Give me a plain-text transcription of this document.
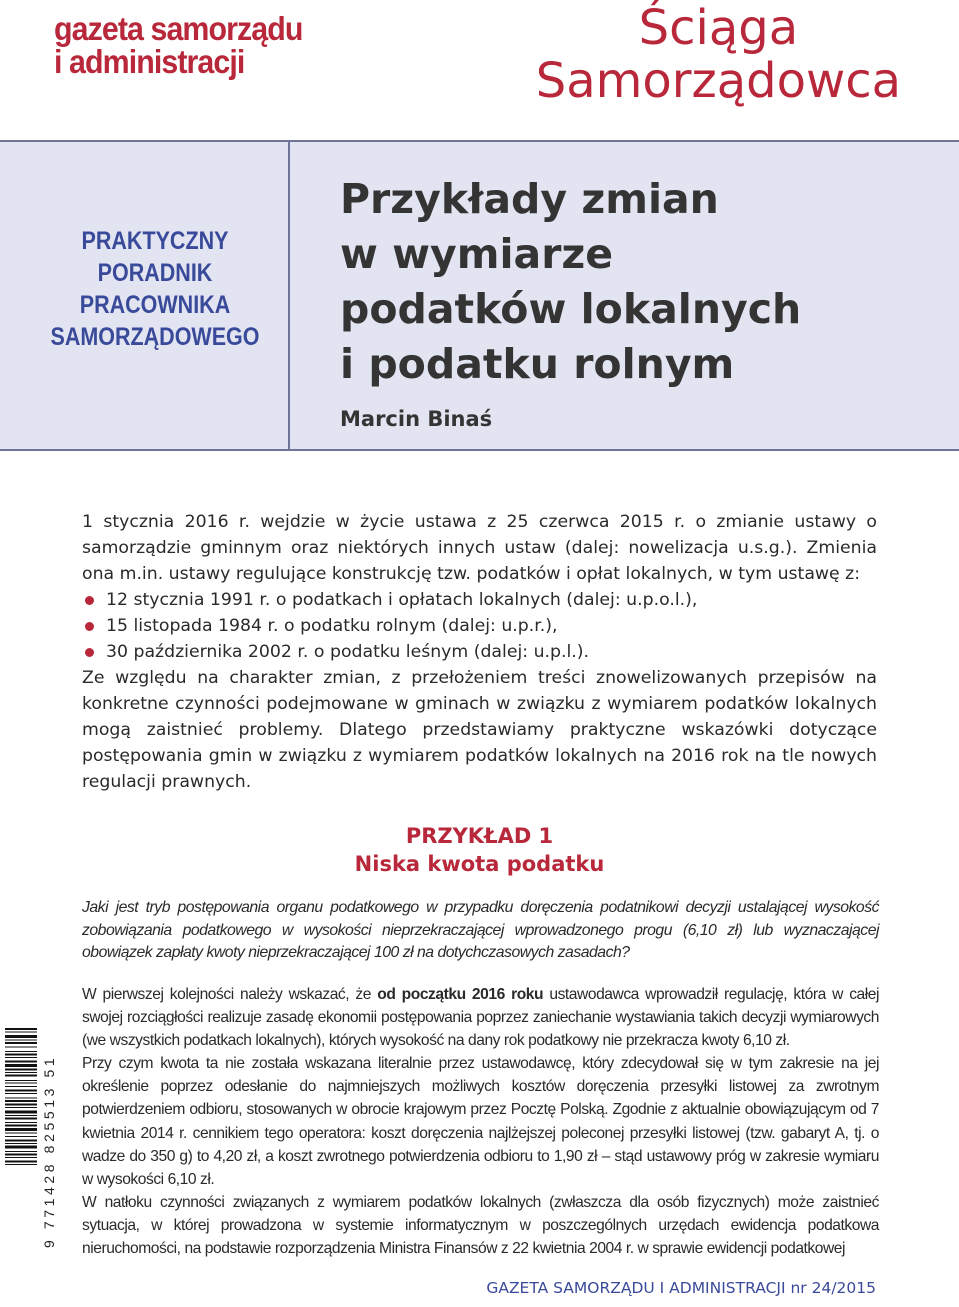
gazeta samorządu
i administracji
Ściąga
Samorządowca
PRAKTYCZNY
PORADNIK
PRACOWNIKA
SAMORZĄDOWEGO
Przykłady zmian
w wymiarze
podatków lokalnych
i podatku rolnym
Marcin Binaś

1 stycznia 2016 r. wejdzie w życie ustawa z 25 czerwca 2015 r. o zmianie ustawy o samorządzie gminnym oraz niektórych innych ustaw (dalej: nowelizacja u.s.g.). Zmienia ona m.in. ustawy regulujące konstrukcję tzw. podatków i opłat lokalnych, w tym ustawę z:

12 stycznia 1991 r. o podatkach i opłatach lokalnych (dalej: u.p.o.l.),
15 listopada 1984 r. o podatku rolnym (dalej: u.p.r.),
30 października 2002 r. o podatku leśnym (dalej: u.p.l.).

Ze względu na charakter zmian, z przełożeniem treści znowelizowanych przepisów na konkretne czynności podejmowane w gminach w związku z wymiarem podatków lokalnych mogą zaistnieć problemy. Dlatego przedstawiamy praktyczne wskazówki dotyczące postępowania gmin w związku z wymiarem podatków lokalnych na 2016 rok na tle nowych regulacji prawnych.

PRZYKŁAD 1
Niska kwota podatku
Jaki jest tryb postępowania organu podatkowego w przypadku doręczenia podatnikowi decyzji ustalającej wysokość zobowiązania podatkowego w wysokości nieprzekraczającej wprowadzonego progu (6,10 zł) lub wyznaczającej obowiązek zapłaty kwoty nieprzekraczającej 100 zł na dotychczasowych zasadach?

W pierwszej kolejności należy wskazać, że od początku 2016 roku ustawodawca wprowadził regulację, która w całej swojej rozciągłości realizuje zasadę ekonomii postępowania poprzez zaniechanie wystawiania takich decyzji wymiarowych (we wszystkich podatkach lokalnych), których wysokość na dany rok podatkowy nie przekracza kwoty 6,10 zł.

Przy czym kwota ta nie została wskazana literalnie przez ustawodawcę, który zdecydował się w tym zakresie na jej określenie poprzez odesłanie do najmniejszych możliwych kosztów doręczenia przesyłki listowej za zwrotnym potwierdzeniem odbioru, stosowanych w obrocie krajowym przez Pocztę Polską. Zgodnie z aktualnie obowiązującym od 7 kwietnia 2014 r. cennikiem tego operatora: koszt doręczenia najlżejszej poleconej przesyłki listowej (tzw. gabaryt A, tj. o wadze do 350 g) to 4,20 zł, a koszt zwrotnego potwierdzenia odbioru to 1,90 zł – stąd ustawowy próg w zakresie wymiaru w wysokości 6,10 zł.

W natłoku czynności związanych z wymiarem podatków lokalnych (zwłaszcza dla osób fizycznych) może zaistnieć sytuacja, w której prowadzona w systemie informatycznym w poszczególnych urzędach ewidencja podatkowa nieruchomości, na podstawie rozporządzenia Ministra Finansów z 22 kwietnia 2004 r. w sprawie ewidencji podatkowej

9 771428 825513 51
GAZETA SAMORZĄDU I ADMINISTRACJI nr 24/2015
